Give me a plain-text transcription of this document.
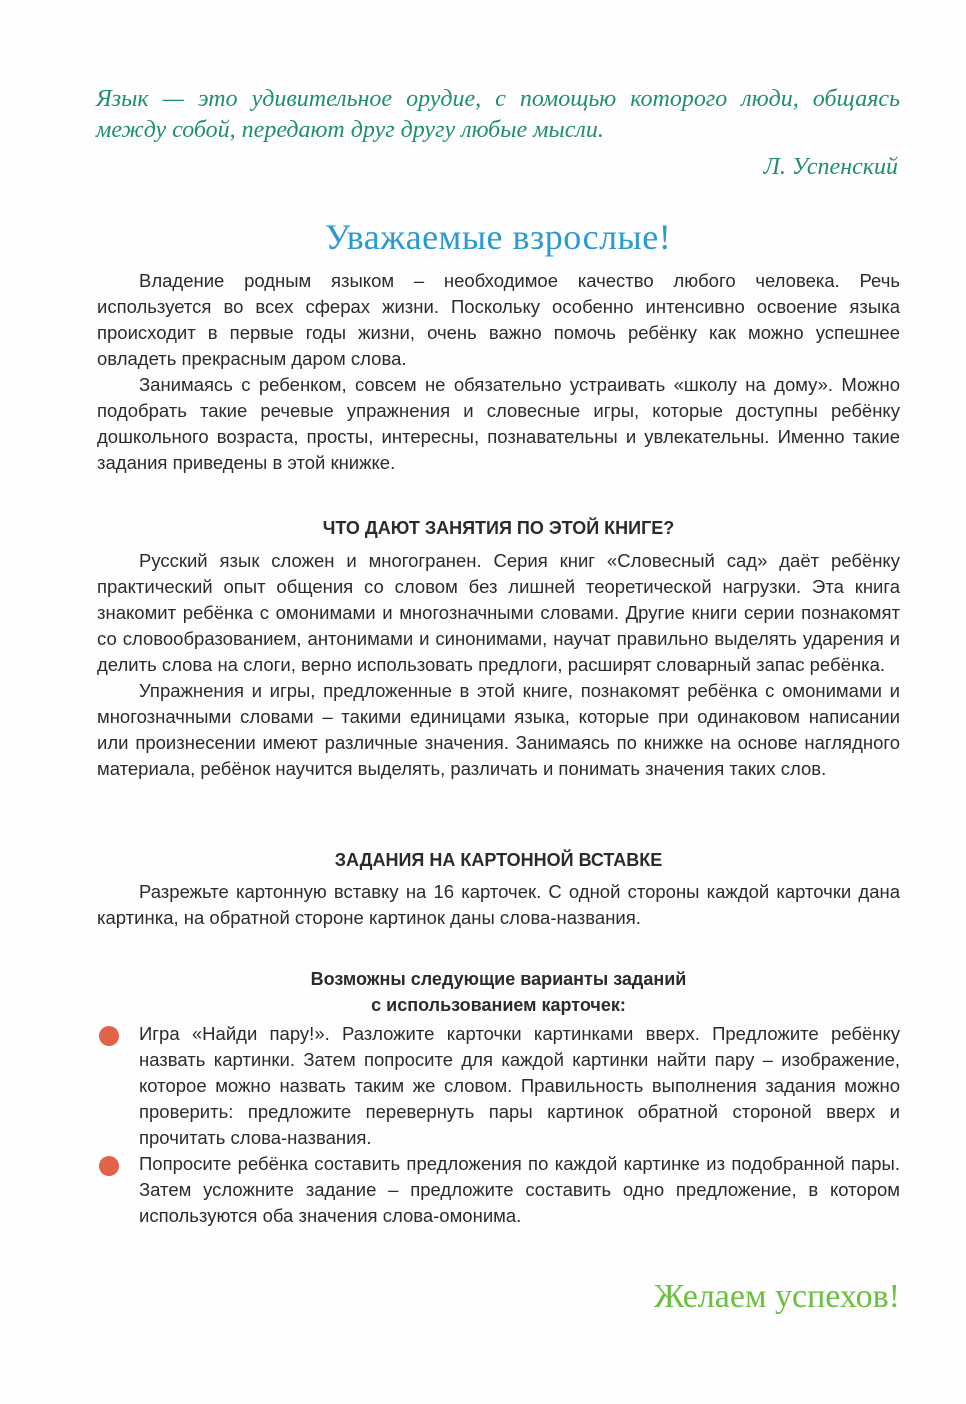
Язык — это удивительное орудие, с помощью которого люди, общаясь между собой, передают друг другу любые мысли.
Л. Успенский
Уважаемые взрослые!

Владение родным языком – необходимое качество любого человека. Речь используется во всех сферах жизни. Поскольку особенно интенсивно освоение языка происходит в первые годы жизни, очень важно помочь ребёнку как можно успешнее овладеть прекрасным даром слова.

Занимаясь с ребенком, совсем не обязательно устраивать «школу на дому». Можно подобрать такие речевые упражнения и словесные игры, которые доступны ребёнку дошкольного возраста, просты, интересны, познавательны и увлекательны. Именно такие задания приведены в этой книжке.

ЧТО ДАЮТ ЗАНЯТИЯ ПО ЭТОЙ КНИГЕ?

Русский язык сложен и многогранен. Серия книг «Словесный сад» даёт ребёнку практический опыт общения со словом без лишней теоретической нагрузки. Эта книга знакомит ребёнка с омонимами и многозначными словами. Другие книги серии познакомят со словообразованием, антонимами и синонимами, научат правильно выделять ударения и делить слова на слоги, верно использовать предлоги, расширят словарный запас ребёнка.

Упражнения и игры, предложенные в этой книге, познакомят ребёнка с омонимами и многозначными словами – такими единицами языка, которые при одинаковом написании или произнесении имеют различные значения. Занимаясь по книжке на основе наглядного материала, ребёнок научится выделять, различать и понимать значения таких слов.

ЗАДАНИЯ НА КАРТОННОЙ ВСТАВКЕ

Разрежьте картонную вставку на 16 карточек. С одной стороны каждой карточки дана картинка, на обратной стороне картинок даны слова-названия.

Возможны следующие варианты заданий
с использованием карточек:
Игра «Найди пару!». Разложите карточки картинками вверх. Предложите ребёнку назвать картинки. Затем попросите для каждой картинки найти пару – изображение, которое можно назвать таким же словом. Правильность выполнения задания можно проверить: предложите перевернуть пары картинок обратной стороной вверх и прочитать слова-названия.
Попросите ребёнка составить предложения по каждой картинке из подобранной пары. Затем усложните задание – предложите составить одно предложение, в котором используются оба значения слова-омонима.
Желаем успехов!
